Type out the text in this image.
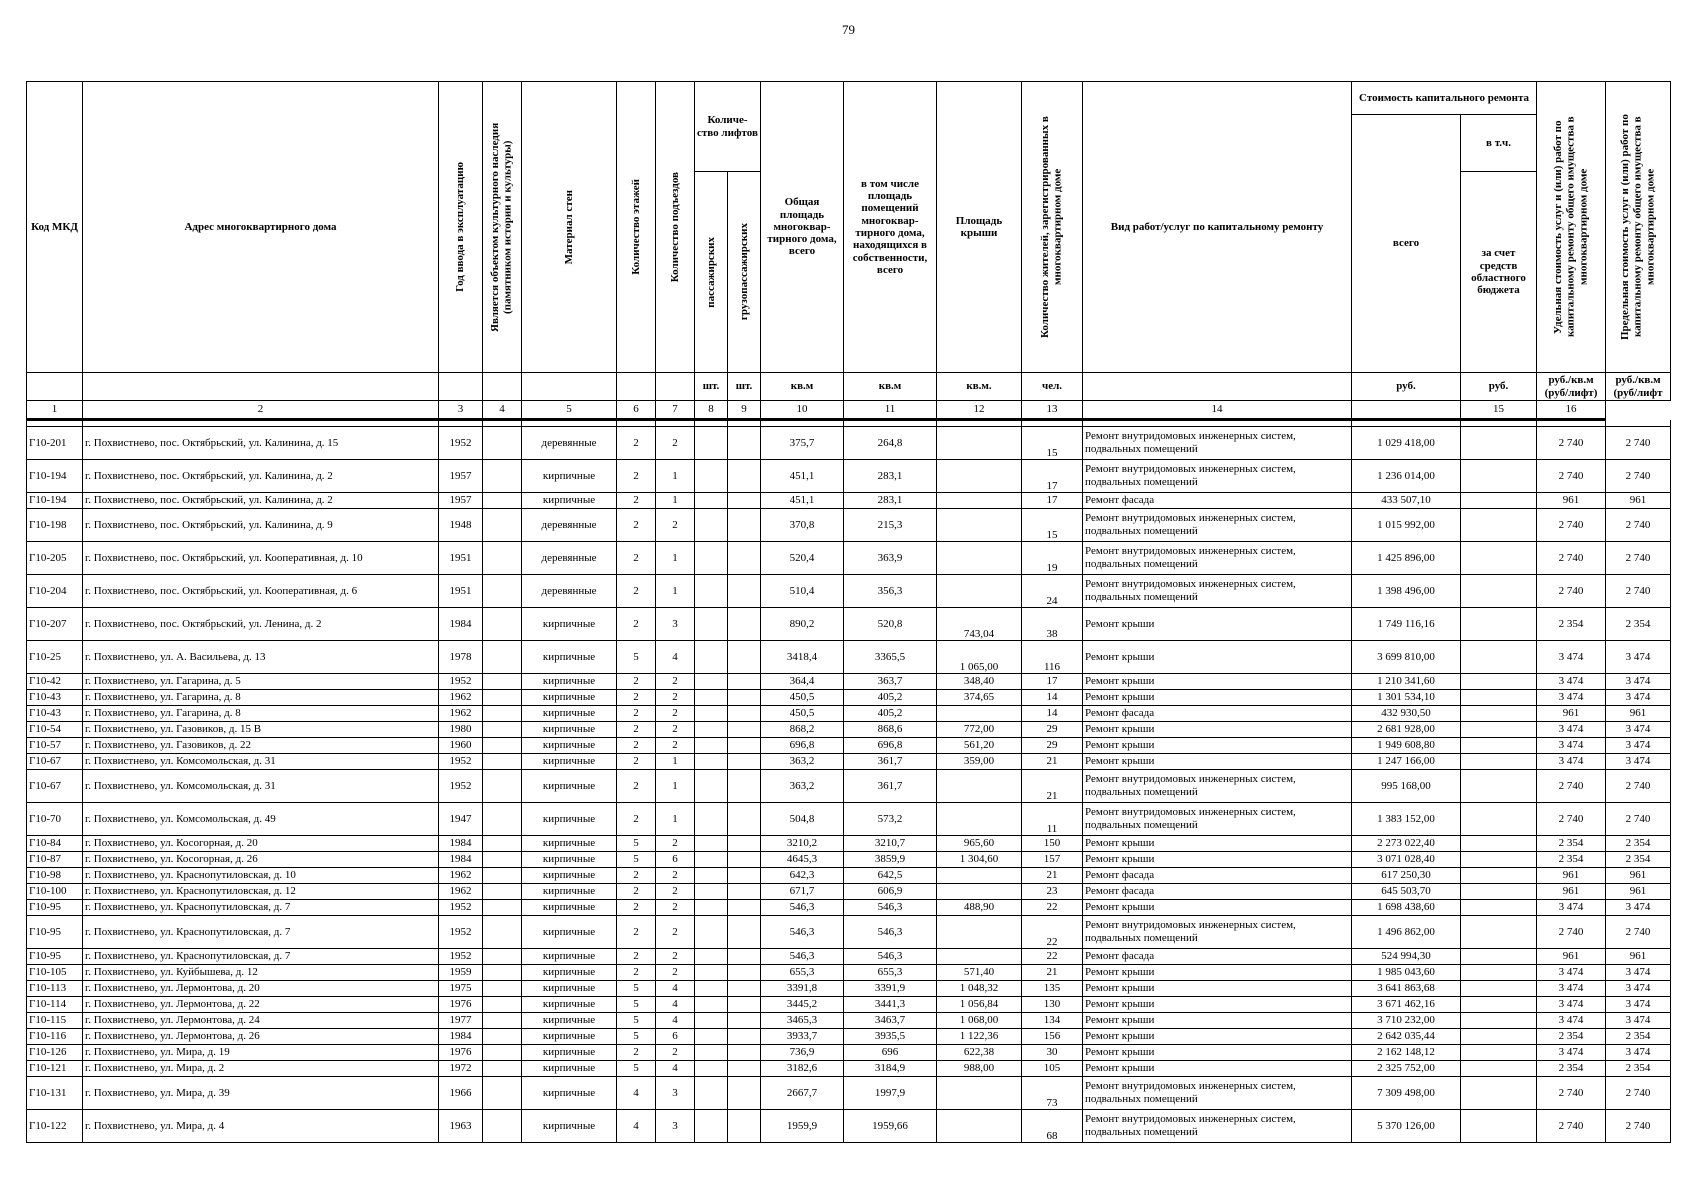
79
Код МКД	Адрес многоквартирного дома	Год ввода в эксплуатацию	Является объектом культурного наследия (памятником истории и культуры)	Материал стен	Количество этажей	Количество подъездов	Количе- ство лифтов		Общая площадь многоквар- тирного дома, всего	в том числе площадь помещений многоквар- тирного дома, находящихся в собственности, всего	Площадь крыши	Количество жителей, зарегистрированных в многоквартирном доме	Вид работ/услуг по капитальному ремонту	Стоимость капитального ремонта		Удельная стоимость услуг и (или) работ по капитальному ремонту общего имущества в многоквартирном доме	Предельная стоимость услуг и (или) работ по капитальному ремонту общего имущества в многоквартирном доме

														всего	в т.ч.		

							пассажирских	грузопассажирских							за счет средств областного бюджета		

							шт.	шт.	кв.м	кв.м	кв.м.	чел.		руб.	руб.	руб./кв.м (руб/лифт)	руб./кв.м (руб/лифт
1	2	3	4	5	6	7	8	9	10	11	12	13	14		15	16	

Г10-201	г. Похвистнево, пос. Октябрьский, ул. Калинина, д. 15	1952		деревянные	2	2			375,7	264,8		15	Ремонт внутридомовых инженерных систем, подвальных помещений	1 029 418,00		2 740	2 740
Г10-194	г. Похвистнево, пос. Октябрьский, ул. Калинина, д. 2	1957		кирпичные	2	1			451,1	283,1		17	Ремонт внутридомовых инженерных систем, подвальных помещений	1 236 014,00		2 740	2 740
Г10-194	г. Похвистнево, пос. Октябрьский, ул. Калинина, д. 2	1957		кирпичные	2	1			451,1	283,1		17	Ремонт фасада	433 507,10		961	961
Г10-198	г. Похвистнево, пос. Октябрьский, ул. Калинина, д. 9	1948		деревянные	2	2			370,8	215,3		15	Ремонт внутридомовых инженерных систем, подвальных помещений	1 015 992,00		2 740	2 740
Г10-205	г. Похвистнево, пос. Октябрьский, ул. Кооперативная, д. 10	1951		деревянные	2	1			520,4	363,9		19	Ремонт внутридомовых инженерных систем, подвальных помещений	1 425 896,00		2 740	2 740
Г10-204	г. Похвистнево, пос. Октябрьский, ул. Кооперативная, д. 6	1951		деревянные	2	1			510,4	356,3		24	Ремонт внутридомовых инженерных систем, подвальных помещений	1 398 496,00		2 740	2 740
Г10-207	г. Похвистнево, пос. Октябрьский, ул. Ленина, д. 2	1984		кирпичные	2	3			890,2	520,8	743,04	38	Ремонт крыши	1 749 116,16		2 354	2 354
Г10-25	г. Похвистнево, ул. А. Васильева, д. 13	1978		кирпичные	5	4			3418,4	3365,5	1 065,00	116	Ремонт крыши	3 699 810,00		3 474	3 474
Г10-42	г. Похвистнево, ул. Гагарина, д. 5	1952		кирпичные	2	2			364,4	363,7	348,40	17	Ремонт крыши	1 210 341,60		3 474	3 474
Г10-43	г. Похвистнево, ул. Гагарина, д. 8	1962		кирпичные	2	2			450,5	405,2	374,65	14	Ремонт крыши	1 301 534,10		3 474	3 474
Г10-43	г. Похвистнево, ул. Гагарина, д. 8	1962		кирпичные	2	2			450,5	405,2		14	Ремонт фасада	432 930,50		961	961
Г10-54	г. Похвистнево, ул. Газовиков, д. 15 В	1980		кирпичные	2	2			868,2	868,6	772,00	29	Ремонт крыши	2 681 928,00		3 474	3 474
Г10-57	г. Похвистнево, ул. Газовиков, д. 22	1960		кирпичные	2	2			696,8	696,8	561,20	29	Ремонт крыши	1 949 608,80		3 474	3 474
Г10-67	г. Похвистнево, ул. Комсомольская, д. 31	1952		кирпичные	2	1			363,2	361,7	359,00	21	Ремонт крыши	1 247 166,00		3 474	3 474
Г10-67	г. Похвистнево, ул. Комсомольская, д. 31	1952		кирпичные	2	1			363,2	361,7		21	Ремонт внутридомовых инженерных систем, подвальных помещений	995 168,00		2 740	2 740
Г10-70	г. Похвистнево, ул. Комсомольская, д. 49	1947		кирпичные	2	1			504,8	573,2		11	Ремонт внутридомовых инженерных систем, подвальных помещений	1 383 152,00		2 740	2 740
Г10-84	г. Похвистнево, ул. Косогорная, д. 20	1984		кирпичные	5	2			3210,2	3210,7	965,60	150	Ремонт крыши	2 273 022,40		2 354	2 354
Г10-87	г. Похвистнево, ул. Косогорная, д. 26	1984		кирпичные	5	6			4645,3	3859,9	1 304,60	157	Ремонт крыши	3 071 028,40		2 354	2 354
Г10-98	г. Похвистнево, ул. Краснопутиловская, д. 10	1962		кирпичные	2	2			642,3	642,5		21	Ремонт фасада	617 250,30		961	961
Г10-100	г. Похвистнево, ул. Краснопутиловская, д. 12	1962		кирпичные	2	2			671,7	606,9		23	Ремонт фасада	645 503,70		961	961
Г10-95	г. Похвистнево, ул. Краснопутиловская, д. 7	1952		кирпичные	2	2			546,3	546,3	488,90	22	Ремонт крыши	1 698 438,60		3 474	3 474
Г10-95	г. Похвистнево, ул. Краснопутиловская, д. 7	1952		кирпичные	2	2			546,3	546,3		22	Ремонт внутридомовых инженерных систем, подвальных помещений	1 496 862,00		2 740	2 740
Г10-95	г. Похвистнево, ул. Краснопутиловская, д. 7	1952		кирпичные	2	2			546,3	546,3		22	Ремонт фасада	524 994,30		961	961
Г10-105	г. Похвистнево, ул. Куйбышева, д. 12	1959		кирпичные	2	2			655,3	655,3	571,40	21	Ремонт крыши	1 985 043,60		3 474	3 474
Г10-113	г. Похвистнево, ул. Лермонтова, д. 20	1975		кирпичные	5	4			3391,8	3391,9	1 048,32	135	Ремонт крыши	3 641 863,68		3 474	3 474
Г10-114	г. Похвистнево, ул. Лермонтова, д. 22	1976		кирпичные	5	4			3445,2	3441,3	1 056,84	130	Ремонт крыши	3 671 462,16		3 474	3 474
Г10-115	г. Похвистнево, ул. Лермонтова, д. 24	1977		кирпичные	5	4			3465,3	3463,7	1 068,00	134	Ремонт крыши	3 710 232,00		3 474	3 474
Г10-116	г. Похвистнево, ул. Лермонтова, д. 26	1984		кирпичные	5	6			3933,7	3935,5	1 122,36	156	Ремонт крыши	2 642 035,44		2 354	2 354
Г10-126	г. Похвистнево, ул. Мира, д. 19	1976		кирпичные	2	2			736,9	696	622,38	30	Ремонт крыши	2 162 148,12		3 474	3 474
Г10-121	г. Похвистнево, ул. Мира, д. 2	1972		кирпичные	5	4			3182,6	3184,9	988,00	105	Ремонт крыши	2 325 752,00		2 354	2 354
Г10-131	г. Похвистнево, ул. Мира, д. 39	1966		кирпичные	4	3			2667,7	1997,9		73	Ремонт внутридомовых инженерных систем, подвальных помещений	7 309 498,00		2 740	2 740
Г10-122	г. Похвистнево, ул. Мира, д. 4	1963		кирпичные	4	3			1959,9	1959,66		68	Ремонт внутридомовых инженерных систем, подвальных помещений	5 370 126,00		2 740	2 740
